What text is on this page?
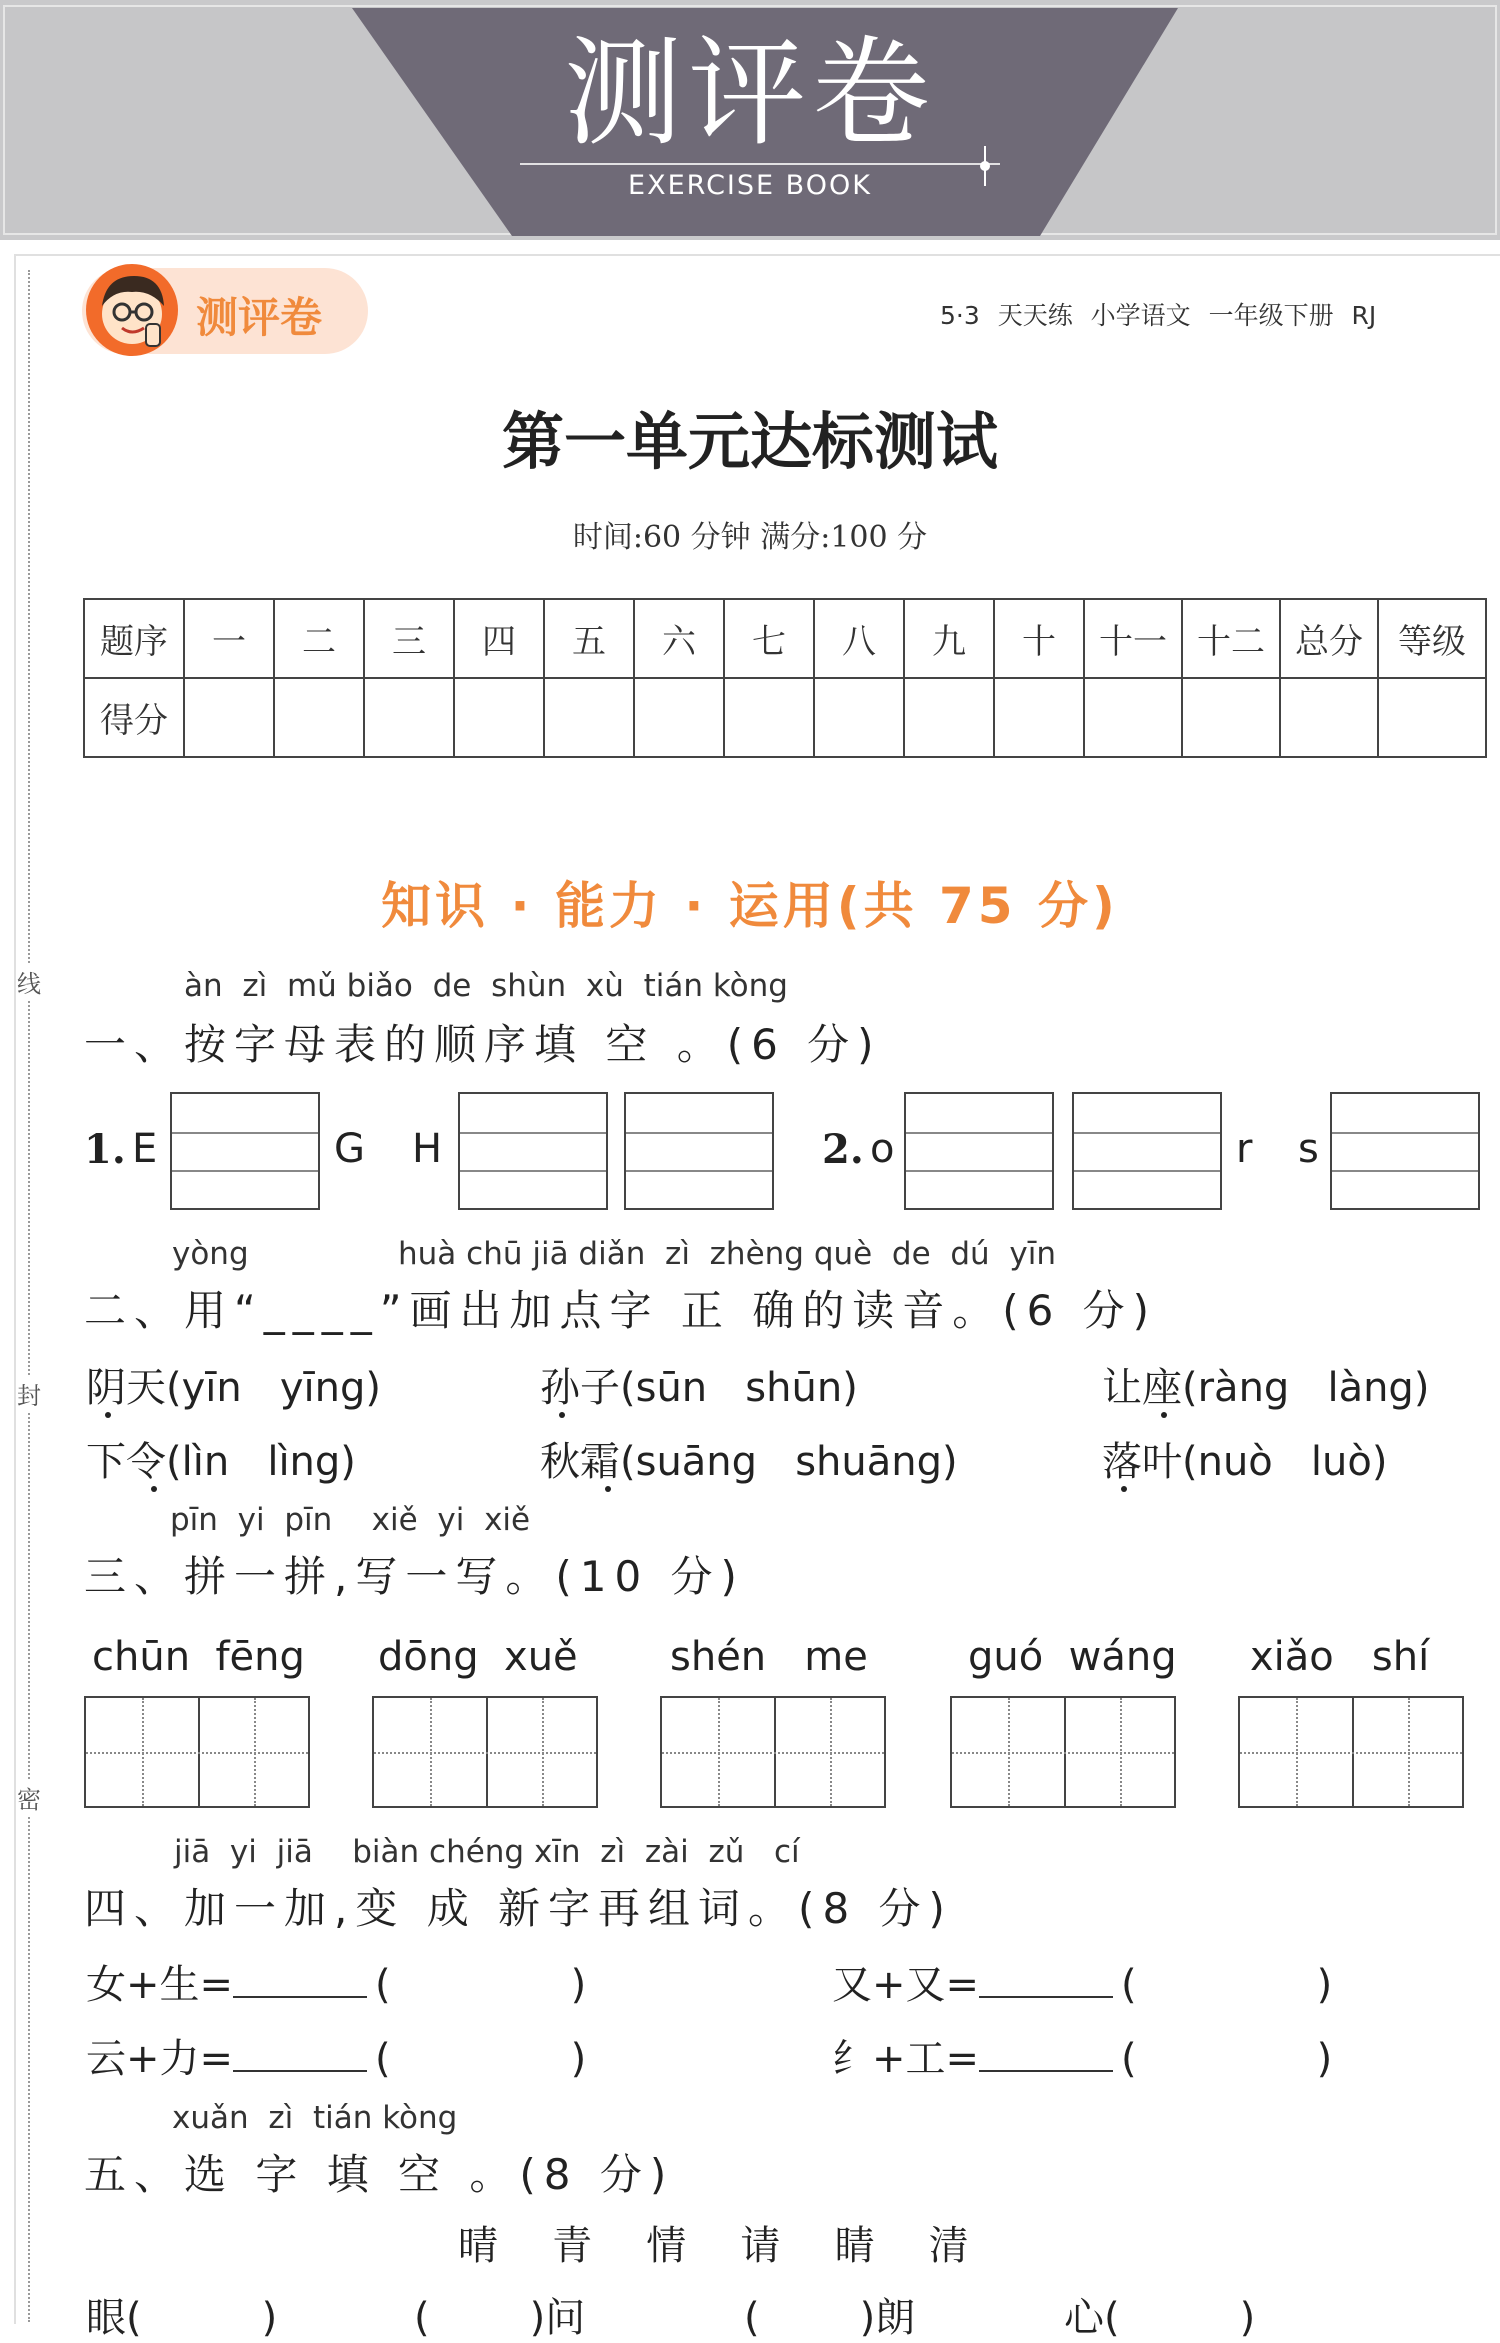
测评卷
EXERCISE BOOK
线
封
密
测评卷	5·3 天天练 小学语文 一年级下册 RJ
第一单元达标测试
时间:60 分钟 满分:100 分
题序	一	二	三	四	五	六	七	八	九	十	十一	十二	总分	等级
得分														
知识 · 能力 · 运用(共 75 分)
àn  zì  mǔ biǎo  de  shùn  xù  tián kòng
一、按字母表的顺序填 空 。(6 分)
1. E	G H	2. o	r s
yòng	huà chū jiā diǎn  zì  zhèng què  de  dú  yīn
二、用“____”画出加点字 正 确的读音。(6 分)
阴天(yīn   yīng)	孙子(sūn   shūn)	让座(ràng   làng)
下令(lìn   lìng)	秋霜(suāng   shuāng)	落叶(nuò   luò)
pīn  yi  pīn    xiě  yi  xiě
三、拼一拼,写一写。(10 分)
chūn  fēng dōng  xuě shén   me	guó  wáng xiǎo   shí
jiā  yi  jiā    biàn chéng xīn  zì  zài  zǔ   cí
四、加一加,变 成 新字再组词。(8 分)
女+生=	(	)	又+又=	(	)
云+力=	(	)	纟+工=	(	)
xuǎn  zì  tián kòng
五、选 字 填 空 。(8 分)
晴   青   情   请   睛   清
眼(	)	(	)问	(	)朗	心(	)
